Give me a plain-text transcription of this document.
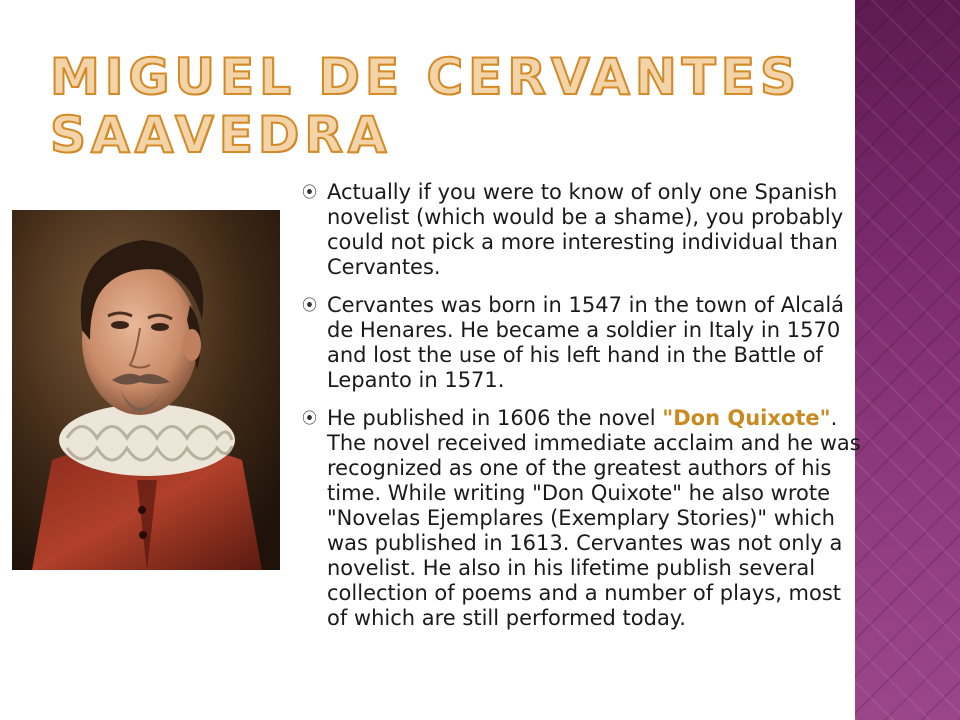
MIGUEL DE CERVANTES SAAVEDRA
⦿ Actually if you were to know of only one Spanish novelist (which would be a shame), you probably could not pick a more interesting individual than Cervantes.
⦿ Cervantes was born in 1547 in the town of Alcalá de Henares. He became a soldier in Italy in 1570 and lost the use of his left hand in the Battle of Lepanto in 1571.
⦿ He published in 1606 the novel "Don Quixote". The novel received immediate acclaim and he was recognized as one of the greatest authors of his time. While writing "Don Quixote" he also wrote "Novelas Ejemplares (Exemplary Stories)" which was published in 1613. Cervantes was not only a novelist. He also in his lifetime publish several collection of poems and a number of plays, most of which are still performed today.
